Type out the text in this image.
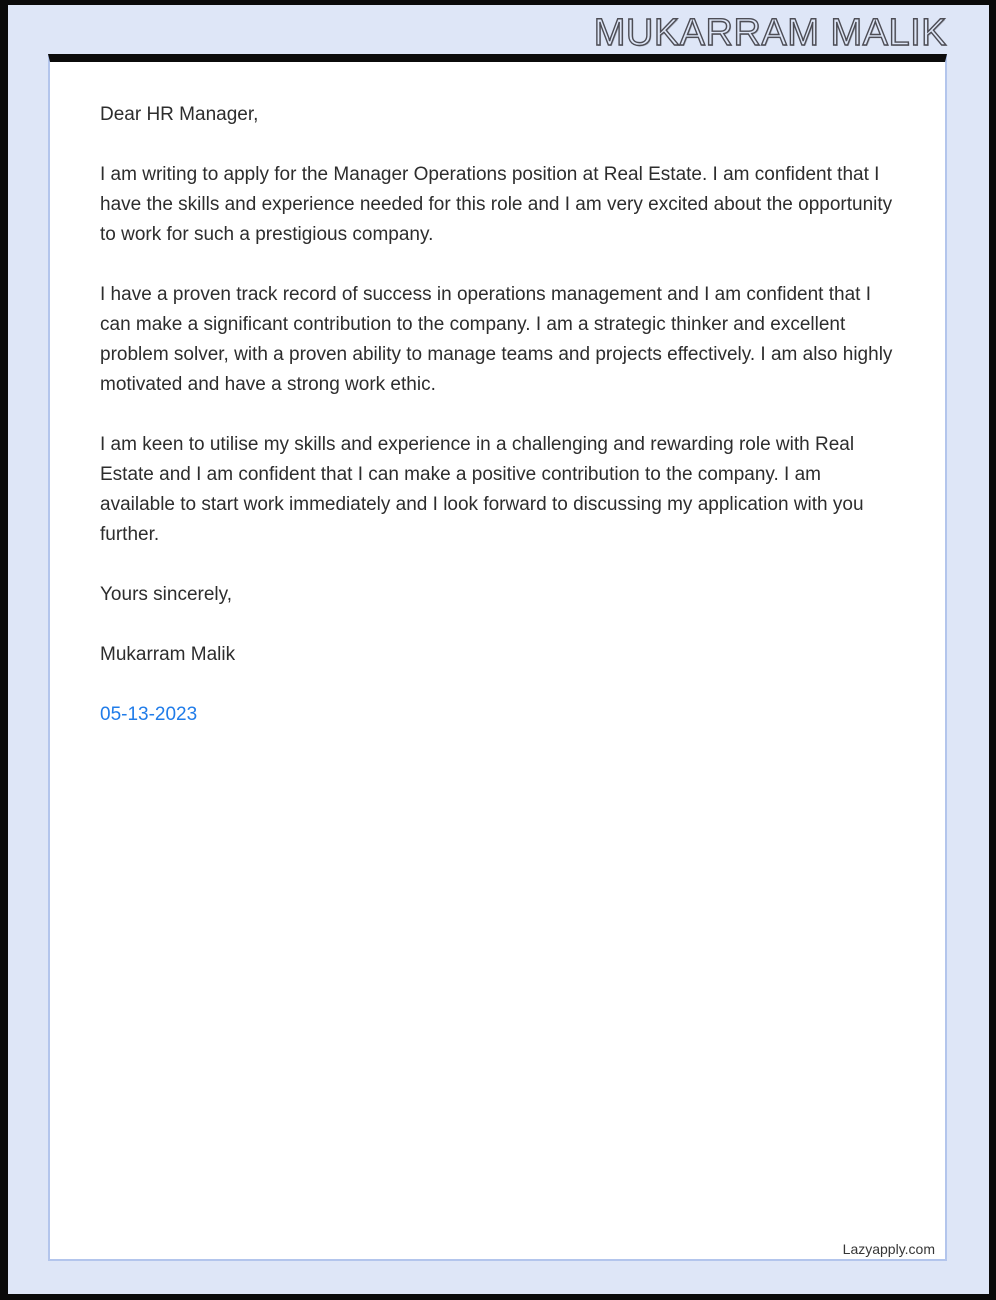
MUKARRAM MALIK

Dear HR Manager,

I am writing to apply for the Manager Operations position at Real Estate. I am confident that I have the skills and experience needed for this role and I am very excited about the opportunity to work for such a prestigious company.

I have a proven track record of success in operations management and I am confident that I can make a significant contribution to the company. I am a strategic thinker and excellent problem solver, with a proven ability to manage teams and projects effectively. I am also highly motivated and have a strong work ethic.

I am keen to utilise my skills and experience in a challenging and rewarding role with Real Estate and I am confident that I can make a positive contribution to the company. I am available to start work immediately and I look forward to discussing my application with you further.

Yours sincerely,

Mukarram Malik

05-13-2023

Lazyapply.com
